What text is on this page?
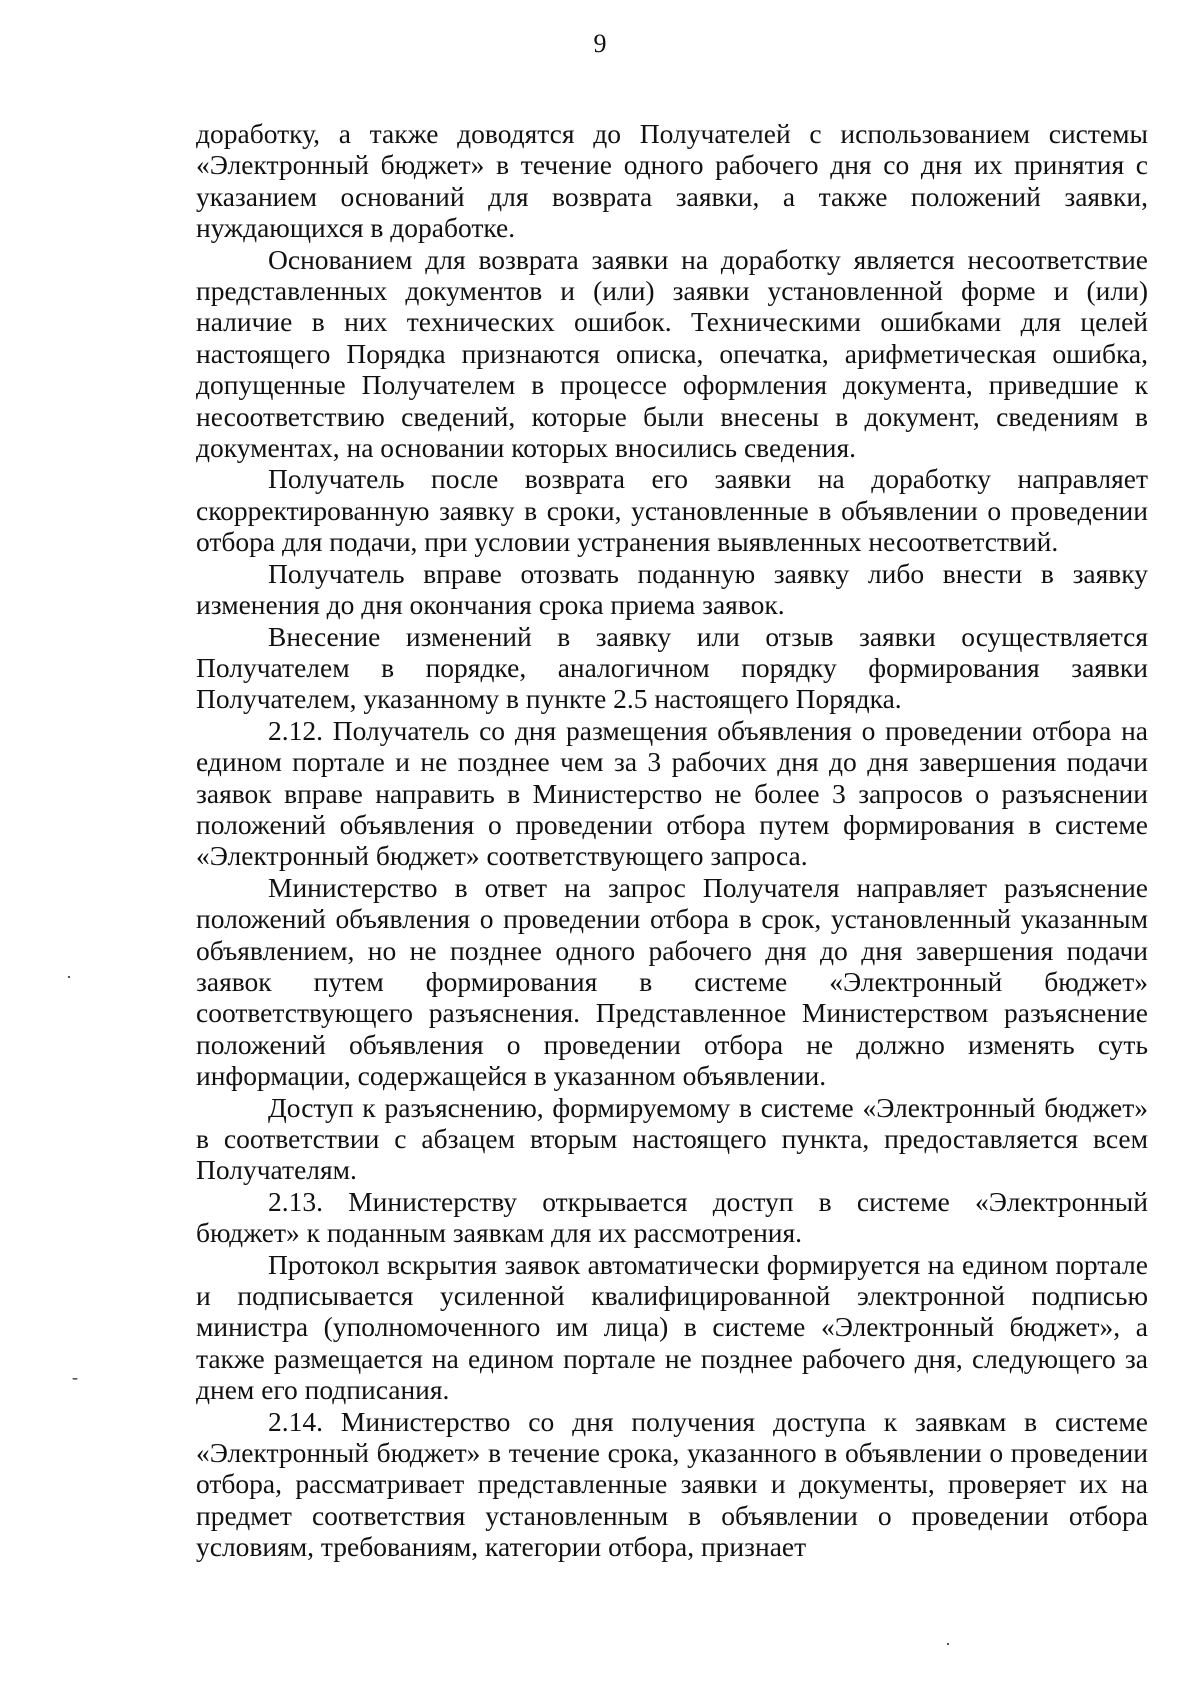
9

доработку, а также доводятся до Получателей с использованием системы «Электронный бюджет» в течение одного рабочего дня со дня их принятия с указанием оснований для возврата заявки, а также положений заявки, нуждающихся в доработке.

Основанием для возврата заявки на доработку является несоответствие представленных документов и (или) заявки установленной форме и (или) наличие в них технических ошибок. Техническими ошибками для целей настоящего Порядка признаются описка, опечатка, арифметическая ошибка, допущенные Получателем в процессе оформления документа, приведшие к несоответствию сведений, которые были внесены в документ, сведениям в документах, на основании которых вносились сведения.

Получатель после возврата его заявки на доработку направляет скорректированную заявку в сроки, установленные в объявлении о проведении отбора для подачи, при условии устранения выявленных несоответствий.

Получатель вправе отозвать поданную заявку либо внести в заявку изменения до дня окончания срока приема заявок.

Внесение изменений в заявку или отзыв заявки осуществляется Получателем в порядке, аналогичном порядку формирования заявки Получателем, указанному в пункте 2.5 настоящего Порядка.

2.12. Получатель со дня размещения объявления о проведении отбора на едином портале и не позднее чем за 3 рабочих дня до дня завершения подачи заявок вправе направить в Министерство не более 3 запросов о разъяснении положений объявления о проведении отбора путем формирования в системе «Электронный бюджет» соответствующего запроса.

Министерство в ответ на запрос Получателя направляет разъяснение положений объявления о проведении отбора в срок, установленный указанным объявлением, но не позднее одного рабочего дня до дня завершения подачи заявок путем формирования в системе «Электронный бюджет» соответствующего разъяснения. Представленное Министерством разъяснение положений объявления о проведении отбора не должно изменять суть информации, содержащейся в указанном объявлении.

Доступ к разъяснению, формируемому в системе «Электронный бюджет» в соответствии с абзацем вторым настоящего пункта, предоставляется всем Получателям.

2.13. Министерству открывается доступ в системе «Электронный бюджет» к поданным заявкам для их рассмотрения.

Протокол вскрытия заявок автоматически формируется на едином портале и подписывается усиленной квалифицированной электронной подписью министра (уполномоченного им лица) в системе «Электронный бюджет», а также размещается на едином портале не позднее рабочего дня, следующего за днем его подписания.

2.14. Министерство со дня получения доступа к заявкам в системе «Электронный бюджет» в течение срока, указанного в объявлении о проведении отбора, рассматривает представленные заявки и документы, проверяет их на предмет соответствия установленным в объявлении о проведении отбора условиям, требованиям, категории отбора, признает

·
‐
·
